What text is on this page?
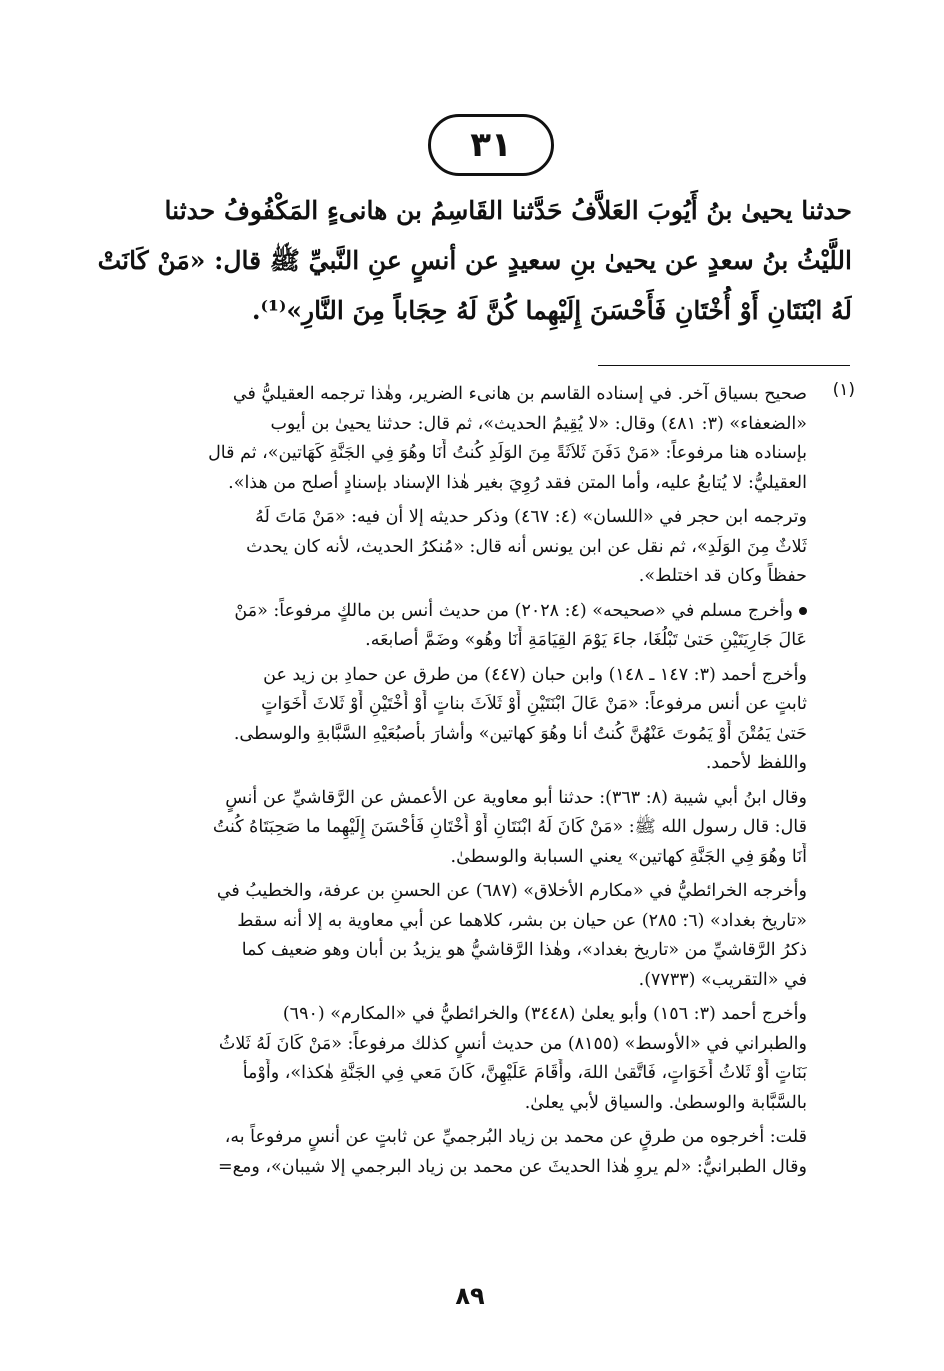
٣١
حدثنا يحيىٰ بنُ أَيُوبَ العَلاَّفُ حَدَّثنا القَاسِمُ بن هانىءٍ المَكْفُوفُ حدثنا
اللَّيْثُ بنُ سعدٍ عن يحيىٰ بنِ سعيدٍ عن أنسٍ عنِ النَّبيِّ ﷺ قال: «مَنْ كَانَتْ
لَهُ ابْنَتَانِ أَوْ أُخْتَانِ فَأَحْسَنَ إِلَيْهِما كُنَّ لَهُ حِجَاباً مِنَ النَّارِ»⁽¹⁾.
(١)
صحيح بسياق آخر. في إسناده القاسم بن هانىء الضرير، وهٰذا ترجمه العقيليُّ في
«الضعفاء» (٣: ٤٨١) وقال: «لا يُقِيمُ الحديث»، ثم قال: حدثنا يحيىٰ بن أيوب
بإسناده هنا مرفوعاً: «مَنْ دَفَنَ ثَلاَثَةً مِنَ الوَلَدِ كُنتُ أَنَا وهُوَ فِي الجَنَّةِ كَهَاتين»، ثم قال
العقيليُّ: لا يُتابعُ عليه، وأما المتن فقد رُوِيَ بغير هٰذا الإسناد بإسنادٍ أصلح من هذا».
وترجمه ابن حجر في «اللسان» (٤: ٤٦٧) وذكر حديثه إلا أن فيه: «مَنْ مَاتَ لَهُ
ثَلاثٌ مِنَ الوَلَدِ»، ثم نقل عن ابن يونس أنه قال: «مُنكرُ الحديث، لأنه كان يحدث
حفظاً وكان قد اختلط».
وأخرج مسلم في «صحيحه» (٤: ٢٠٢٨) من حديث أنس بن مالكٍ مرفوعاً: «مَنْ
عَالَ جَارِيَتَيْنِ حَتىٰ تَبْلُغَا، جاءَ يَوْمَ القِيَامَةِ أَنَا وهُو» وضَمَّ أصابعَه.
وأخرج أحمد (٣: ١٤٧ ـ ١٤٨) وابن حبان (٤٤٧) من طرق عن حمادِ بن زيد عن
ثابتٍ عن أنس مرفوعاً: «مَنْ عَالَ ابْنَتَيْنِ أَوْ ثَلاَثَ بناتٍ أَوْ أُخْتَيْنِ أَوْ ثَلاثَ أَخَوَاتٍ
حَتىٰ يَمُتْنَ أَوْ يَمُوتَ عَنْهُنَّ كُنتُ أنا وهُوَ كهاتين» وأشارَ بأُصبُعَيْهِ السَّبَّابةِ والوسطى.
واللفظ لأحمد.
وقال ابنُ أبي شيبة (٨: ٣٦٣): حدثنا أبو معاوية عن الأعمش عن الرَّقاشيِّ عن أنسٍ
قال: قال رسول الله ﷺ: «مَنْ كَانَ لَهُ ابْنَتَانِ أَوْ أُخْتَانِ فَأَحْسَنَ إِلَيْهِما ما صَحِبَتَاهُ كُنتُ
أَنَا وهُوَ فِي الجَنَّةِ كهاتين» يعني السبابة والوسطىٰ.
وأخرجه الخرائطيُّ في «مكارم الأخلاق» (٦٨٧) عن الحسنِ بن عرفة، والخطيبُ في
«تاريخ بغداد» (٦: ٢٨٥) عن حيان بن بشر، كلاهما عن أبي معاوية به إلا أنه سقط
ذكرُ الرَّقاشيِّ من «تاريخ بغداد»، وهٰذا الرَّقاشيُّ هو يزيدُ بن أبان وهو ضعيف كما
في «التقريب» (٧٧٣٣).
وأخرج أحمد (٣: ١٥٦) وأبو يعلىٰ (٣٤٤٨) والخرائطيُّ في «المكارم» (٦٩٠)
والطبراني في «الأوسط» (٨١٥٥) من حديث أنسٍ كذلك مرفوعاً: «مَنْ كَانَ لَهُ ثَلاثُ
بَنَاتٍ أَوْ ثَلاثُ أَخَوَاتٍ، فَاتَّقىٰ اللهَ، وأَقَامَ عَلَيْهِنَّ، كَانَ مَعي فِي الجَنَّةِ هٰكذا»، وأَوْمأ
بالسَّبَّابة والوسطىٰ. والسياق لأبي يعلىٰ.
قلت: أخرجوه من طرقٍ عن محمد بن زياد البُرجميِّ عن ثابتٍ عن أنسٍ مرفوعاً به،
وقال الطبرانيُّ: «لم يروِ هٰذا الحديثَ عن محمد بن زياد البرجمي إلا شيبان»، ومع=
٨٩
